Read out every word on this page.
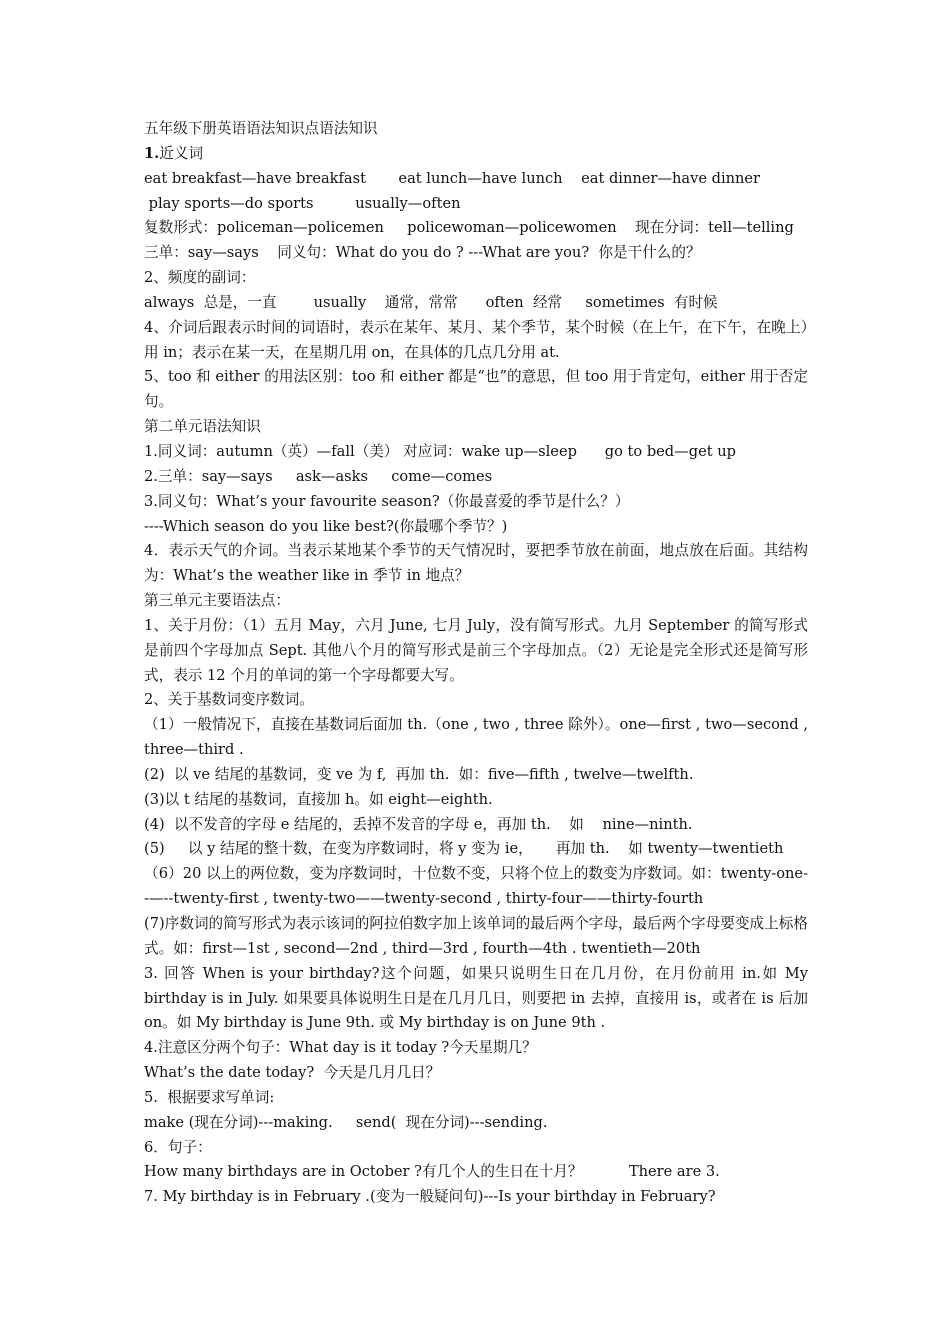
五年级下册英语语法知识点语法知识
1.近义词
eat breakfast—have breakfast       eat lunch—have lunch    eat dinner—have dinner
play sports—do sports         usually—often
复数形式：policeman—policemen     policewoman—policewomen    现在分词：tell—telling
三单：say—says    同义句：What do you do ? ---What are you?  你是干什么的？
2、频度的副词：
always  总是，一直        usually    通常，常常      often  经常     sometimes  有时候
4、介词后跟表示时间的词语时，表示在某年、某月、某个季节，某个时候（在上午，在下午，在晚上）用 in；表示在某一天，在星期几用 on，在具体的几点几分用 at.
5、too 和 either 的用法区别：too 和 either 都是“也”的意思，但 too 用于肯定句，either 用于否定句。
第二单元语法知识
1.同义词：autumn（英）—fall（美） 对应词：wake up—sleep      go to bed—get up
2.三单：say—says     ask—asks     come—comes
3.同义句：What’s your favourite season?（你最喜爱的季节是什么？）
----Which season do you like best?(你最哪个季节？)
4．表示天气的介词。当表示某地某个季节的天气情况时，要把季节放在前面，地点放在后面。其结构为：What’s the weather like in 季节 in 地点？
第三单元主要语法点：
1、关于月份：（1）五月 May，六月 June, 七月 July，没有简写形式。九月 September 的简写形式是前四个字母加点 Sept. 其他八个月的简写形式是前三个字母加点。（2）无论是完全形式还是简写形式，表示 12 个月的单词的第一个字母都要大写。
2、关于基数词变序数词。
（1）一般情况下，直接在基数词后面加 th.（one , two , three 除外）。one—first , two—second , three—third .
(2)  以 ve 结尾的基数词，变 ve 为 f,  再加 th.  如：five—fifth , twelve—twelfth.
(3)以 t 结尾的基数词，直接加 h。如 eight—eighth.
(4)  以不发音的字母 e 结尾的，丢掉不发音的字母 e，再加 th.    如    nine—ninth.
(5)     以 y 结尾的整十数，在变为序数词时，将 y 变为 ie，     再加 th.    如 twenty—twentieth
（6）20 以上的两位数，变为序数词时，十位数不变，只将个位上的数变为序数词。如：twenty-one--—--twenty-first , twenty-two——twenty-second , thirty-four——thirty-fourth
(7)序数词的简写形式为表示该词的阿拉伯数字加上该单词的最后两个字母，最后两个字母要变成上标格式。如：first—1st , second—2nd , third—3rd , fourth—4th . twentieth—20th
3. 回答 When is your birthday?这个问题，如果只说明生日在几月份，在月份前用 in.如 My birthday is in July. 如果要具体说明生日是在几月几日，则要把 in 去掉，直接用 is，或者在 is 后加 on。如 My birthday is June 9th. 或 My birthday is on June 9th .
4.注意区分两个句子：What day is it today ?今天星期几？
What’s the date today?  今天是几月几日？
5.  根据要求写单词:
make (现在分词)---making.     send(  现在分词)---sending.
6．句子：
How many birthdays are in October ?有几个人的生日在十月？          There are 3.
7. My birthday is in February .(变为一般疑问句)---Is your birthday in February?
